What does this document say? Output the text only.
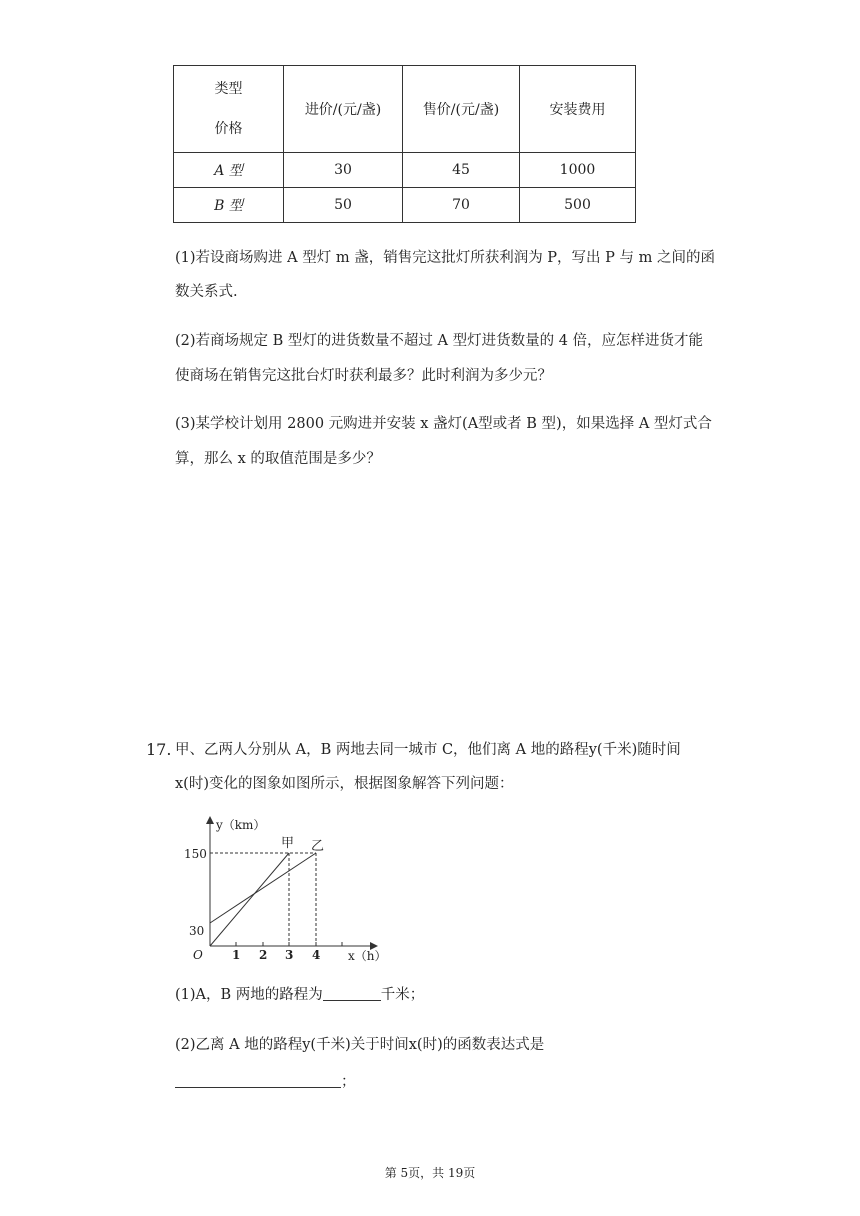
类型
价格	进价/(元/盏)	售价/(元/盏)	安装费用
A 型	30	45	1000
B 型	50	70	500
(1)若设商场购进 A 型灯 m 盏，销售完这批灯所获利润为 P，写出 P 与 m 之间的函
数关系式.
(2)若商场规定 B 型灯的进货数量不超过 A 型灯进货数量的 4 倍，应怎样进货才能
使商场在销售完这批台灯时获利最多？此时利润为多少元？
(3)某学校计划用 2800 元购进并安装 x 盏灯(A型或者 B 型)，如果选择 A 型灯式合
算，那么 x 的取值范围是多少？
17. 甲、乙两人分别从 A，B 两地去同一城市 C，他们离 A 地的路程y(千米)随时间
x(时)变化的图象如图所示，根据图象解答下列问题：
y（km）
x（h）
O 1 2 3 4
30
150
甲 乙
(1)A，B 两地的路程为	千米；
(2)乙离 A 地的路程y(千米)关于时间x(时)的函数表达式是
；
第 5页，共 19页
